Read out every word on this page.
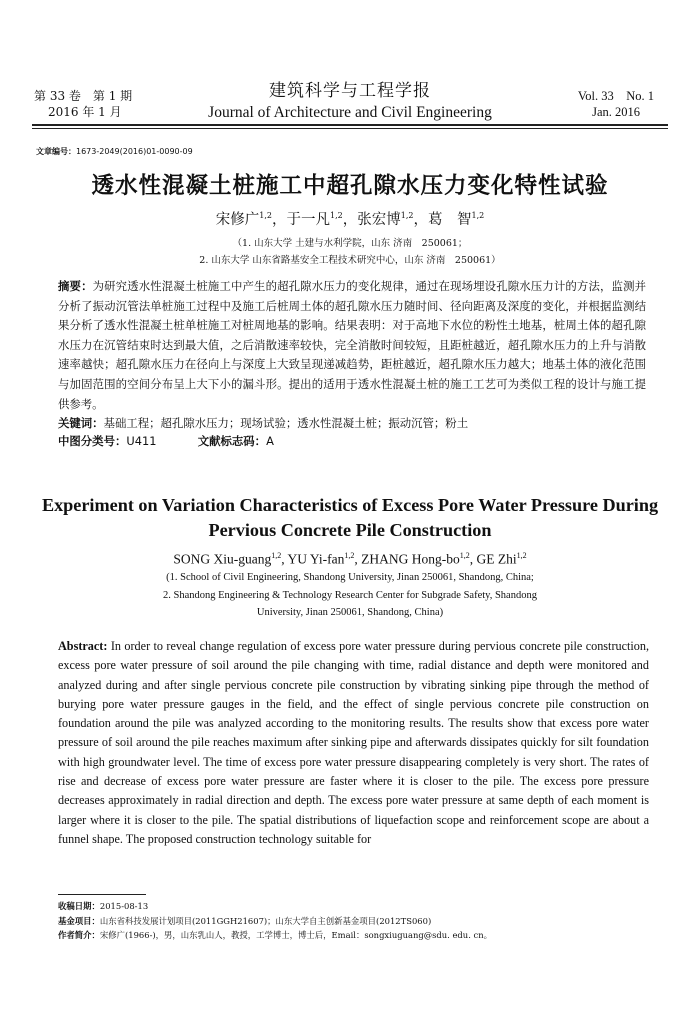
第 33 卷　第 1 期
2016 年 1 月
建筑科学与工程学报
Journal of Architecture and Civil Engineering
Vol. 33　No. 1
Jan. 2016
文章编号：1673-2049(2016)01-0090-09
透水性混凝土桩施工中超孔隙水压力变化特性试验
宋修广$^{1,2}$，于一凡$^{1,2}$，张宏博$^{1,2}$，葛　智$^{1,2}$
（1. 山东大学 土建与水利学院，山东 济南　250061；
2. 山东大学 山东省路基安全工程技术研究中心，山东 济南　250061）
摘要：为研究透水性混凝土桩施工中产生的超孔隙水压力的变化规律，通过在现场埋设孔隙水压力计的方法，监测并分析了振动沉管法单桩施工过程中及施工后桩周土体的超孔隙水压力随时间、径向距离及深度的变化，并根据监测结果分析了透水性混凝土桩单桩施工对桩周地基的影响。结果表明：对于高地下水位的粉性土地基，桩周土体的超孔隙水压力在沉管结束时达到最大值，之后消散速率较快，完全消散时间较短，且距桩越近，超孔隙水压力的上升与消散速率越快；超孔隙水压力在径向上与深度上大致呈现递减趋势，距桩越近，超孔隙水压力越大；地基土体的液化范围与加固范围的空间分布呈上大下小的漏斗形。提出的适用于透水性混凝土桩的施工工艺可为类似工程的设计与施工提供参考。
关键词：基础工程；超孔隙水压力；现场试验；透水性混凝土桩；振动沉管；粉土
中图分类号：U411	文献标志码：A
Experiment on Variation Characteristics of Excess Pore Water Pressure During Pervious Concrete Pile Construction
SONG Xiu-guang$^{1,2}$, YU Yi-fan$^{1,2}$, ZHANG Hong-bo$^{1,2}$, GE Zhi$^{1,2}$
(1. School of Civil Engineering, Shandong University, Jinan 250061, Shandong, China;
2. Shandong Engineering & Technology Research Center for Subgrade Safety, Shandong
University, Jinan 250061, Shandong, China)
Abstract: In order to reveal change regulation of excess pore water pressure during pervious concrete pile construction, excess pore water pressure of soil around the pile changing with time, radial distance and depth were monitored and analyzed during and after single pervious concrete pile construction by vibrating sinking pipe through the method of burying pore water pressure gauges in the field, and the effect of single pervious concrete pile construction on foundation around the pile was analyzed according to the monitoring results. The results show that excess pore water pressure of soil around the pile reaches maximum after sinking pipe and afterwards dissipates quickly for silt foundation with high groundwater level. The time of excess pore water pressure disappearing completely is very short. The rates of rise and decrease of excess pore water pressure are faster where it is closer to the pile. The excess pore pressure decreases approximately in radial direction and depth. The excess pore water pressure at same depth of each moment is larger where it is closer to the pile. The spatial distributions of liquefaction scope and reinforcement scope are about a funnel shape. The proposed construction technology suitable for
收稿日期：2015-08-13
基金项目：山东省科技发展计划项目(2011GGH21607)；山东大学自主创新基金项目(2012TS060)
作者简介：宋修广(1966-)，男，山东乳山人，教授，工学博士，博士后，Email：songxiuguang@sdu. edu. cn。
